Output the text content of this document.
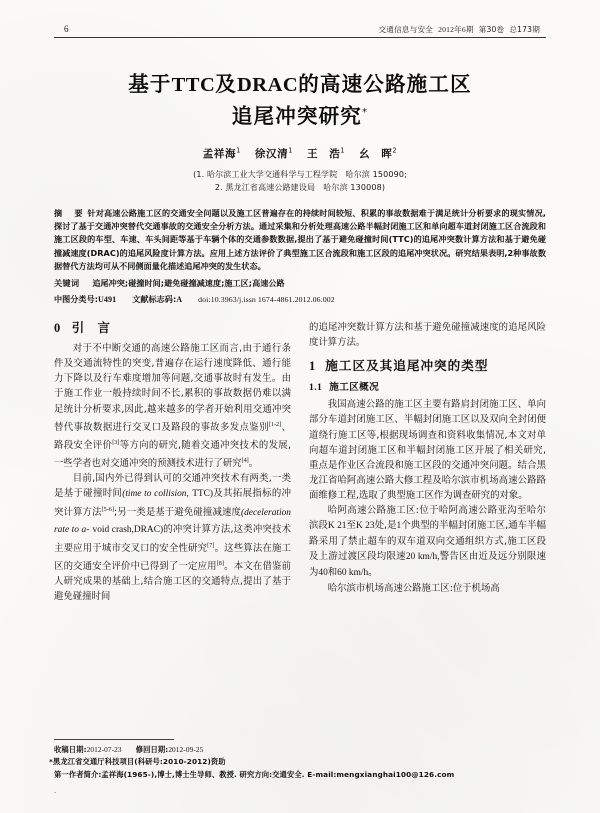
6	交通信息与安全 2012年6期 第30卷 总173期
基于TTC及DRAC的高速公路施工区
追尾冲突研究*
孟祥海$^1$ 徐汉清$^1$ 王　浩$^1$ 幺　晖$^2$
(1. 哈尔滨工业大学交通科学与工程学院　哈尔滨 150090;
2. 黑龙江省高速公路建设局　哈尔滨 130008)

摘　要 针对高速公路施工区的交通安全问题以及施工区普遍存在的持续时间较短、积累的事故数据难于满足统计分析要求的现实情况,探讨了基于交通冲突替代交通事故的交通安全分析方法。通过采集和分析处理高速公路半幅封闭施工区和单向超车道封闭施工区合流段和施工区段的车型、车速、车头间距等基于车辆个体的交通参数数据,提出了基于避免碰撞时间(TTC)的追尾冲突数计算方法和基于避免碰撞减速度(DRAC)的追尾风险度计算方法。应用上述方法评价了典型施工区合流段和施工区段的追尾冲突状况。研究结果表明,2种事故数据替代方法均可从不同侧面量化描述追尾冲突的发生状态。

关键词 追尾冲突;碰撞时间;避免碰撞减速度;施工区;高速公路
中图分类号:U491 文献标志码:A doi:10.3963/j.issn 1674-4861.2012.06.002
0 引　言

对于不中断交通的高速公路施工区而言,由于通行条件及交通流特性的突变,普遍存在运行速度降低、通行能力下降以及行车难度增加等问题,交通事故时有发生。由于施工作业一般持续时间不长,累积的事故数据仍难以满足统计分析要求,因此,越来越多的学者开始利用交通冲突替代事故数据进行交叉口及路段的事故多发点鉴别[1-2]、路段安全评价[3]等方向的研究,随着交通冲突技术的发展,一些学者也对交通冲突的预测技术进行了研究[4]。

目前,国内外已得到认可的交通冲突技术有两类,一类是基于碰撞时间(time to collision, TTC)及其拓展指标的冲突计算方法[5-6];另一类是基于避免碰撞减速度(deceleration rate to a- void crash,DRAC)的冲突计算方法,这类冲突技术主要应用于城市交叉口的安全性研究[7]。这些算法在施工区的交通安全评价中已得到了一定应用[8]。本文在借鉴前人研究成果的基础上,结合施工区的交通特点,提出了基于避免碰撞时间

的追尾冲突数计算方法和基于避免碰撞减速度的追尾风险度计算方法。

1 施工区及其追尾冲突的类型
1.1 施工区概况

我国高速公路的施工区主要有路肩封闭施工区、单向部分车道封闭施工区、半幅封闭施工区以及双向全封闭便道绕行施工区等,根据现场调查和资料收集情况,本文对单向超车道封闭施工区和半幅封闭施工区开展了相关研究,重点是作业区合流段和施工区段的交通冲突问题。结合黑龙江省哈阿高速公路大修工程及哈尔滨市机场高速公路路面维修工程,选取了典型施工区作为调查研究的对象。

哈阿高速公路施工区:位于哈阿高速公路亚沟至哈尔滨段K 21至K 23处,是1个典型的半幅封闭施工区,通车半幅路采用了禁止超车的双车道双向交通组织方式,施工区段及上游过渡区段均限速20 km/h,警告区由近及远分别限速为40和60 km/h。

哈尔滨市机场高速公路施工区:位于机场高

收稿日期:2012-07-23 修回日期:2012-09-25
*黑龙江省交通厅科技项目(科研号:2010-2012)资助
第一作者简介:孟祥海(1965-),博士,博士生导师、教授. 研究方向:交通安全. E-mail:mengxianghai100@126.com
.
